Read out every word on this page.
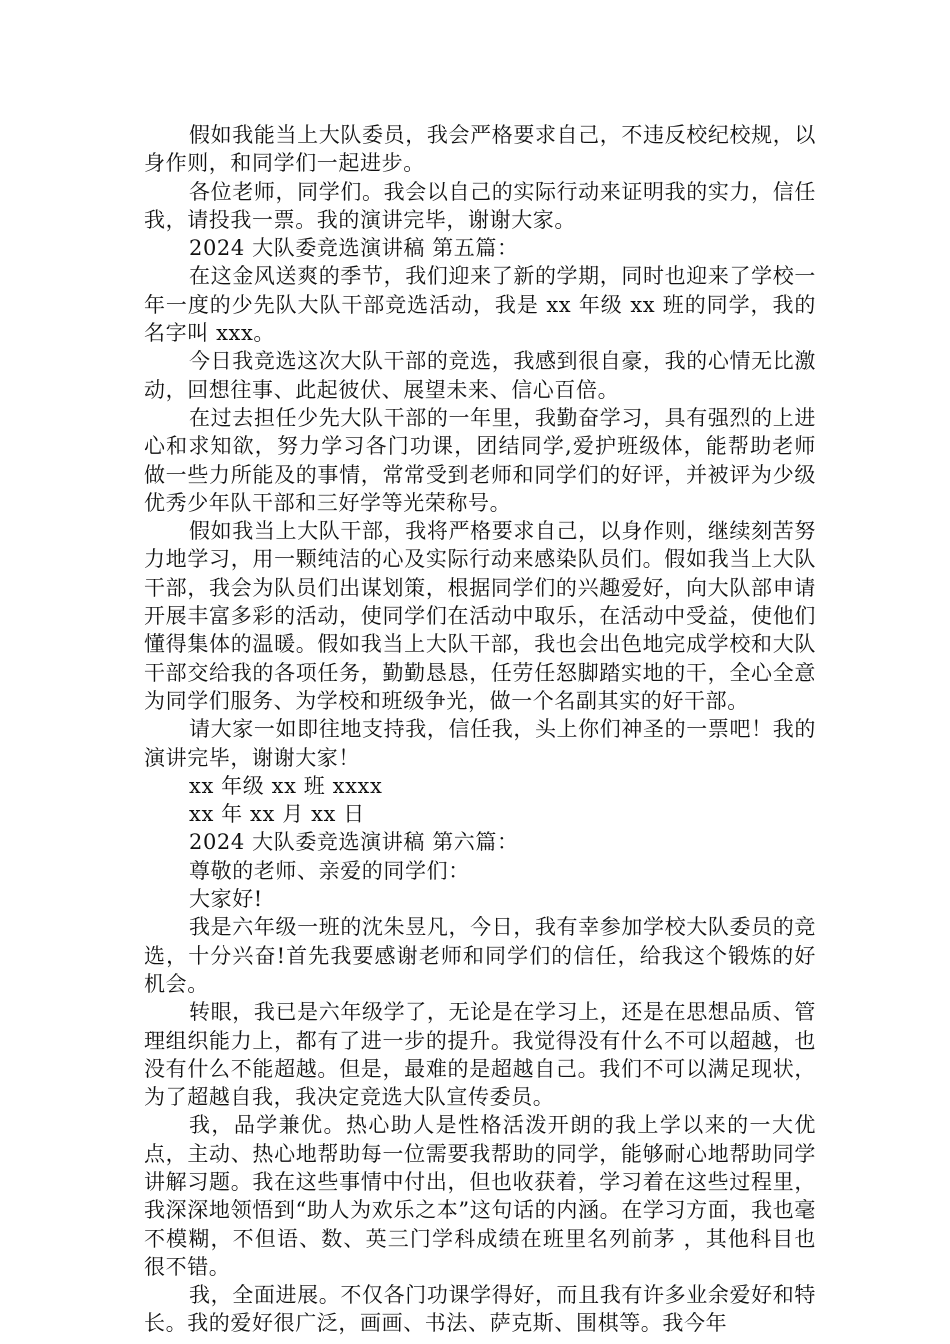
假如我能当上大队委员，我会严格要求自己，不违反校纪校规，以身作则，和同学们一起进步。

各位老师，同学们。我会以自己的实际行动来证明我的实力，信任我，请投我一票。我的演讲完毕，谢谢大家。

2024 大队委竞选演讲稿 第五篇：

在这金风送爽的季节，我们迎来了新的学期，同时也迎来了学校一年一度的少先队大队干部竞选活动，我是 xx 年级 xx 班的同学，我的名字叫 xxx。

今日我竞选这次大队干部的竞选，我感到很自豪，我的心情无比激动，回想往事、此起彼伏、展望未来、信心百倍。

在过去担任少先大队干部的一年里，我勤奋学习，具有强烈的上进心和求知欲，努力学习各门功课，团结同学,爱护班级体，能帮助老师做一些力所能及的事情，常常受到老师和同学们的好评，并被评为少级优秀少年队干部和三好学等光荣称号。

假如我当上大队干部，我将严格要求自己，以身作则，继续刻苦努力地学习，用一颗纯洁的心及实际行动来感染队员们。假如我当上大队干部，我会为队员们出谋划策，根据同学们的兴趣爱好，向大队部申请开展丰富多彩的活动，使同学们在活动中取乐，在活动中受益，使他们懂得集体的温暖。假如我当上大队干部，我也会出色地完成学校和大队干部交给我的各项任务，勤勤恳恳，任劳任怒脚踏实地的干，全心全意为同学们服务、为学校和班级争光，做一个名副其实的好干部。

请大家一如即往地支持我，信任我，头上你们神圣的一票吧！我的演讲完毕，谢谢大家！

xx 年级 xx 班 xxxx

xx 年 xx 月 xx 日

2024 大队委竞选演讲稿 第六篇：

尊敬的老师、亲爱的同学们：

大家好!

我是六年级一班的沈朱昱凡，今日，我有幸参加学校大队委员的竞选，十分兴奋!首先我要感谢老师和同学们的信任，给我这个锻炼的好机会。

转眼，我已是六年级学了，无论是在学习上，还是在思想品质、管理组织能力上，都有了进一步的提升。我觉得没有什么不可以超越，也没有什么不能超越。但是，最难的是超越自己。我们不可以满足现状，为了超越自我，我决定竞选大队宣传委员。

我，品学兼优。热心助人是性格活泼开朗的我上学以来的一大优点，主动、热心地帮助每一位需要我帮助的同学，能够耐心地帮助同学讲解习题。我在这些事情中付出，但也收获着，学习着在这些过程里，我深深地领悟到“助人为欢乐之本”这句话的内涵。在学习方面，我也毫不模糊，不但语、数、英三门学科成绩在班里名列前茅 ，其他科目也很不错。

我，全面进展。不仅各门功课学得好，而且我有许多业余爱好和特长。我的爱好很广泛，画画、书法、萨克斯、围棋等。我今年
